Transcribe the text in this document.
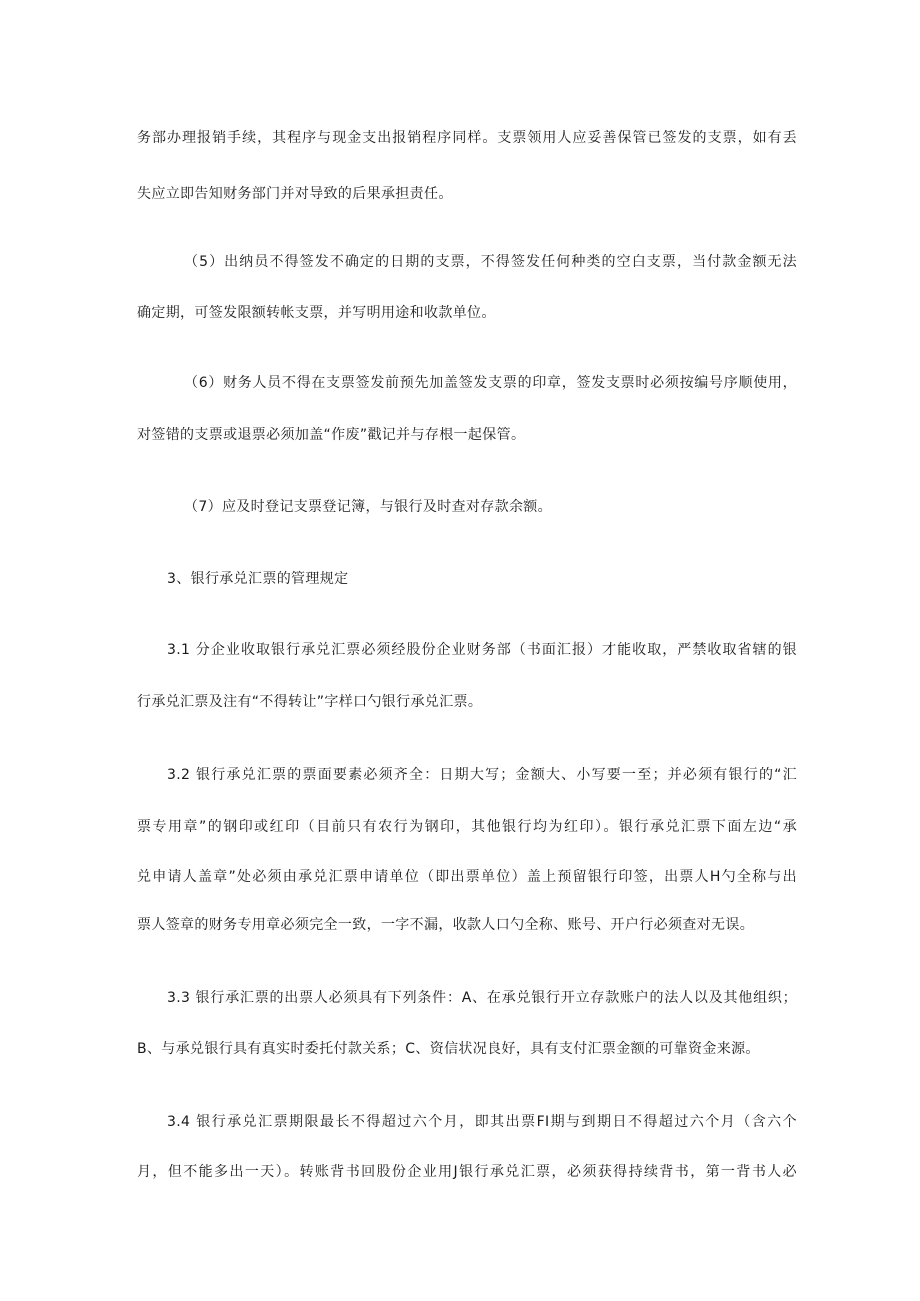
务部办理报销手续，其程序与现金支出报销程序同样。支票领用人应妥善保管已签发的支票，如有丢
失应立即告知财务部门并对导致的后果承担责任。
（5）出纳员不得签发不确定的日期的支票，不得签发任何种类的空白支票，当付款金额无法
确定期，可签发限额转帐支票，并写明用途和收款单位。
（6）财务人员不得在支票签发前预先加盖签发支票的印章，签发支票时必须按编号序顺使用，
对签错的支票或退票必须加盖“作废”戳记并与存根一起保管。
（7）应及时登记支票登记簿，与银行及时查对存款余额。
3、银行承兑汇票的管理规定
3.1 分企业收取银行承兑汇票必须经股份企业财务部（书面汇报）才能收取，严禁收取省辖的银
行承兑汇票及注有“不得转让”字样口勺银行承兑汇票。
3.2 银行承兑汇票的票面要素必须齐全：日期大写；金额大、小写要一至；并必须有银行的“汇
票专用章”的钢印或红印（目前只有农行为钢印，其他银行均为红印）。银行承兑汇票下面左边“承
兑申请人盖章”处必须由承兑汇票申请单位（即出票单位）盖上预留银行印签，出票人H勺全称与出
票人签章的财务专用章必须完全一致，一字不漏，收款人口勺全称、账号、开户行必须查对无误。
3.3 银行承汇票的出票人必须具有下列条件：A、在承兑银行开立存款账户的法人以及其他组织；
B、与承兑银行具有真实时委托付款关系；C、资信状况良好，具有支付汇票金额的可靠资金来源。
3.4 银行承兑汇票期限最长不得超过六个月，即其出票FI期与到期日不得超过六个月（含六个
月，但不能多出一天）。转账背书回股份企业用J银行承兑汇票，必须获得持续背书，第一背书人必
